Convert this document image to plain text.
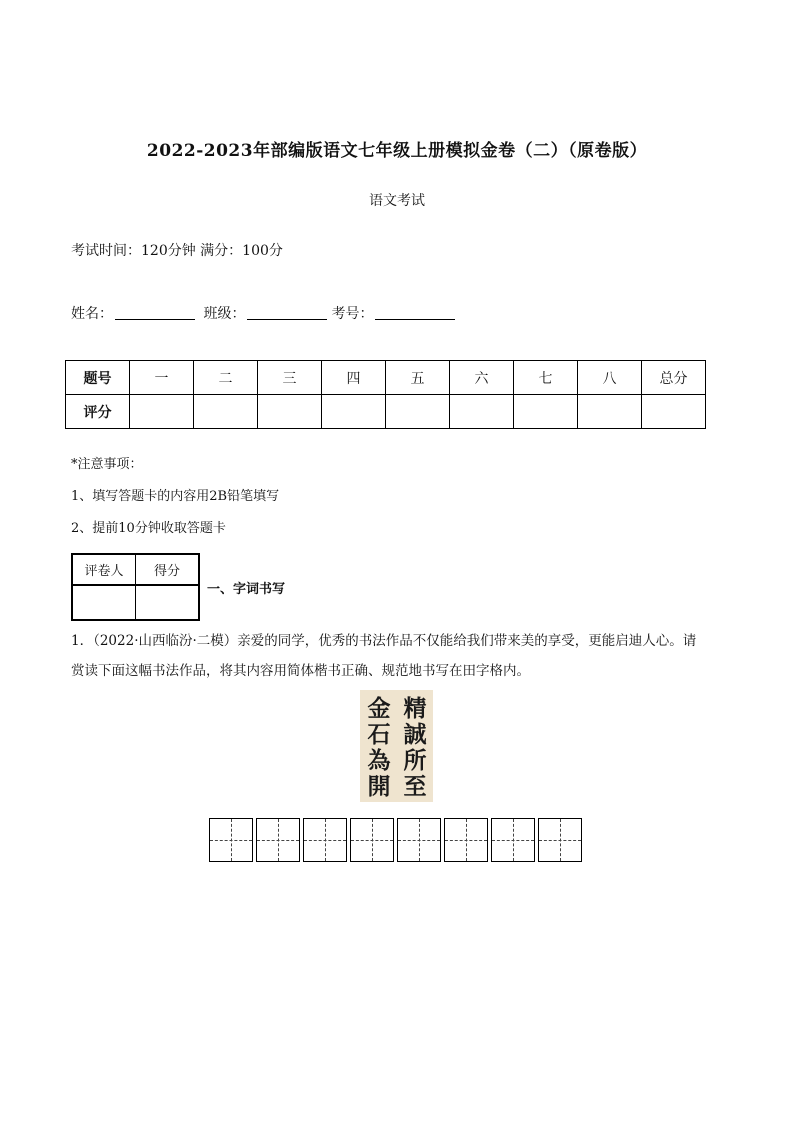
2022-2023年部编版语文七年级上册模拟金卷（二）（原卷版）
语文考试
考试时间：120分钟 满分：100分
姓名：	班级：	考号：
题号	一	二	三	四	五	六	七	八	总分
评分									
*注意事项：
1、填写答题卡的内容用2B铅笔填写
2、提前10分钟收取答题卡
评卷人	得分

一、字词书写
1．（2022·山西临汾·二模）亲爱的同学，优秀的书法作品不仅能给我们带来美的享受，更能启迪人心。请
赏读下面这幅书法作品，将其内容用简体楷书正确、规范地书写在田字格内。
精
誠
所
至
金
石
為
開
